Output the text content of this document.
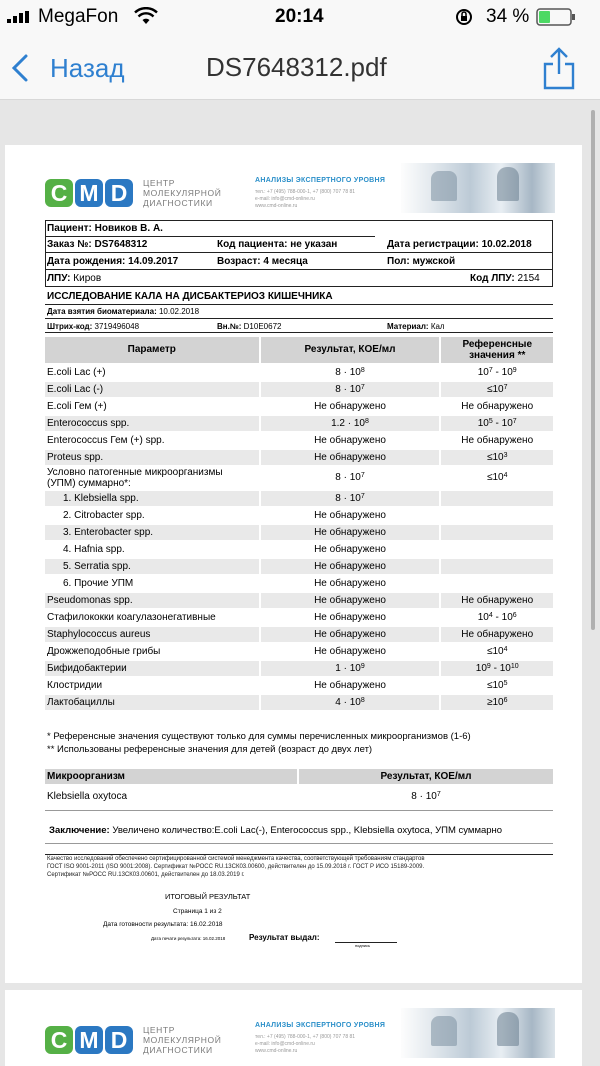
MegaFon	20:14	34 %
Назад	DS7648312.pdf
C M D	ЦЕНТР
МОЛЕКУЛЯРНОЙ
ДИАГНОСТИКИ
АНАЛИЗЫ ЭКСПЕРТНОГО УРОВНЯ
тел.: +7 (495) 788-000-1, +7 (800) 707 78 81
e-mail: info@cmd-online.ru
www.cmd-online.ru
Пациент: Новиков В. А.
Заказ №: DS7648312	Код пациента: не указан	Дата регистрации: 10.02.2018
Дата рождения: 14.09.2017	Возраст: 4 месяца	Пол: мужской
ЛПУ: Киров	Код ЛПУ: 2154
ИССЛЕДОВАНИЕ КАЛА НА ДИСБАКТЕРИОЗ КИШЕЧНИКА
Дата взятия биоматериала: 10.02.2018
Штрих-код: 3719496048	Вн.№: D10E0672	Материал: Кал
Параметр	Результат, КОЕ/мл	Референсные значения **
E.coli Lac (+)	$8 \cdot 10^8$	$10^7 - 10^9$
E.coli Lac (-)	$8 \cdot 10^7$	$\le 10^7$
E.coli Гем (+)	Не обнаружено	Не обнаружено
Enterococcus spp.	$1.2 \cdot 10^8$	$10^5 - 10^7$
Enterococcus Гем (+) spp.	Не обнаружено	Не обнаружено
Proteus spp.	Не обнаружено	$\le 10^3$
Условно патогенные микроорганизмы
(УПМ) суммарно*:	$8 \cdot 10^7$	$\le 10^4$
1. Klebsiella spp.	$8 \cdot 10^7$	
2. Citrobacter spp.	Не обнаружено	
3. Enterobacter spp.	Не обнаружено	
4. Hafnia spp.	Не обнаружено	
5. Serratia spp.	Не обнаружено	
6. Прочие УПМ	Не обнаружено	
Pseudomonas spp.	Не обнаружено	Не обнаружено
Стафилококки коагулазонегативные	Не обнаружено	$10^4 - 10^6$
Staphylococcus aureus	Не обнаружено	Не обнаружено
Дрожжеподобные грибы	Не обнаружено	$\le 10^4$
Бифидобактерии	$1 \cdot 10^9$	$10^9 - 10^{10}$
Клостридии	Не обнаружено	$\le 10^5$
Лактобациллы	$4 \cdot 10^8$	$\ge 10^6$
* Референсные значения существуют только для суммы перечисленных микроорганизмов (1-6)
** Использованы референсные значения для детей (возраст до двух лет)
Микроорганизм	Результат, КОЕ/мл
Klebsiella oxytoca	$8 \cdot 10^7$
Заключение: Увеличено количество:E.coli Lac(-), Enterococcus spp., Klebsiella oxytoca, УПМ суммарно
Качество исследований обеспечено сертифицированной системой менеджмента качества, соответствующей требованиям стандартов
ГОСТ ISO 9001-2011 (ISO 9001:2008). Сертификат №РОСС RU.13СК03.00600, действителен до 15.09.2018 г. ГОСТ Р ИСО 15189-2009.
Сертификат №РОСС RU.13СК03.00601, действителен до 18.03.2019 г.
ИТОГОВЫЙ РЕЗУЛЬТАТ
Страница 1 из 2
Дата готовности результата: 16.02.2018
Дата печати результата: 16.02.2018	Результат выдал:
подпись
C M D	ЦЕНТР
МОЛЕКУЛЯРНОЙ
ДИАГНОСТИКИ
АНАЛИЗЫ ЭКСПЕРТНОГО УРОВНЯ
тел.: +7 (495) 788-000-1, +7 (800) 707 78 81
e-mail: info@cmd-online.ru
www.cmd-online.ru
